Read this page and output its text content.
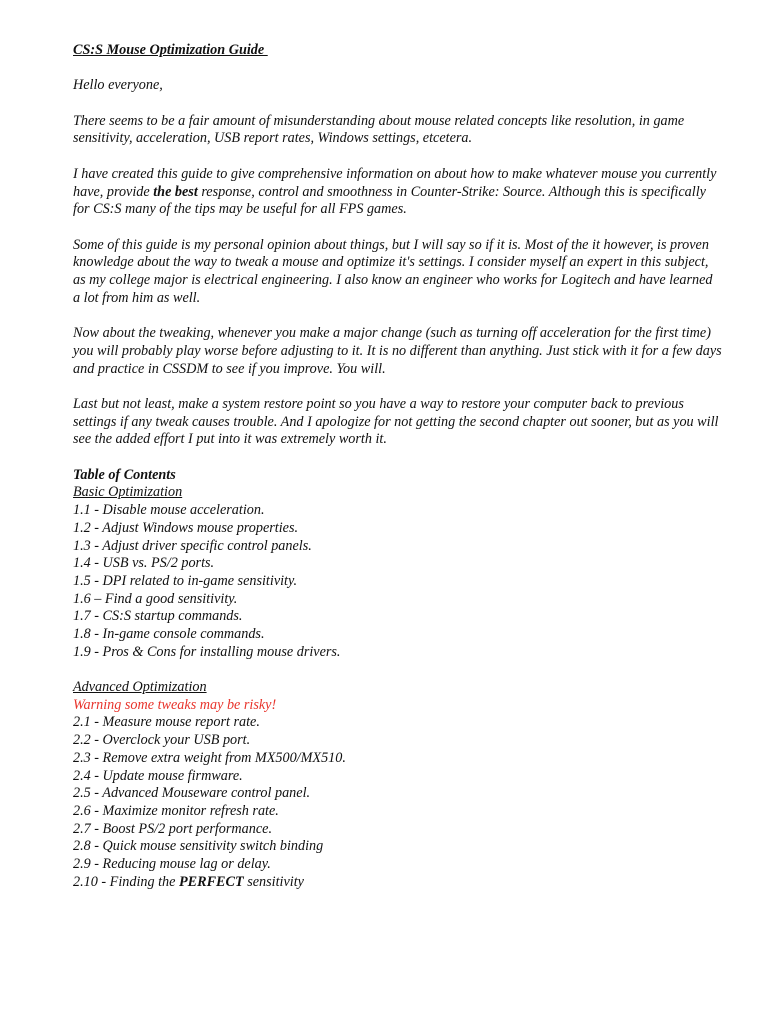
CS:S Mouse Optimization Guide

Hello everyone,

There seems to be a fair amount of misunderstanding about mouse related concepts like resolution, in game sensitivity, acceleration, USB report rates, Windows settings, etcetera.

I have created this guide to give comprehensive information on about how to make whatever mouse you currently have, provide the best response, control and smoothness in Counter-Strike: Source. Although this is specifically for CS:S many of the tips may be useful for all FPS games.

Some of this guide is my personal opinion about things, but I will say so if it is. Most of the it however, is proven knowledge about the way to tweak a mouse and optimize it's settings. I consider myself an expert in this subject, as my college major is electrical engineering. I also know an engineer who works for Logitech and have learned a lot from him as well.

Now about the tweaking, whenever you make a major change (such as turning off acceleration for the first time) you will probably play worse before adjusting to it. It is no different than anything. Just stick with it for a few days and practice in CSSDM to see if you improve. You will.

Last but not least, make a system restore point so you have a way to restore your computer back to previous settings if any tweak causes trouble. And I apologize for not getting the second chapter out sooner, but as you will see the added effort I put into it was extremely worth it.

Table of Contents

Basic Optimization

1.1 - Disable mouse acceleration.
1.2 - Adjust Windows mouse properties.
1.3 - Adjust driver specific control panels.
1.4 - USB vs. PS/2 ports.
1.5 - DPI related to in-game sensitivity.
1.6 – Find a good sensitivity.
1.7 - CS:S startup commands.
1.8 - In-game console commands.
1.9 - Pros & Cons for installing mouse drivers.

Advanced Optimization

Warning some tweaks may be risky!

2.1 - Measure mouse report rate.
2.2 - Overclock your USB port.
2.3 - Remove extra weight from MX500/MX510.
2.4 - Update mouse firmware.
2.5 - Advanced Mouseware control panel.
2.6 - Maximize monitor refresh rate.
2.7 - Boost PS/2 port performance.
2.8 - Quick mouse sensitivity switch binding
2.9 - Reducing mouse lag or delay.
2.10 - Finding the PERFECT sensitivity
